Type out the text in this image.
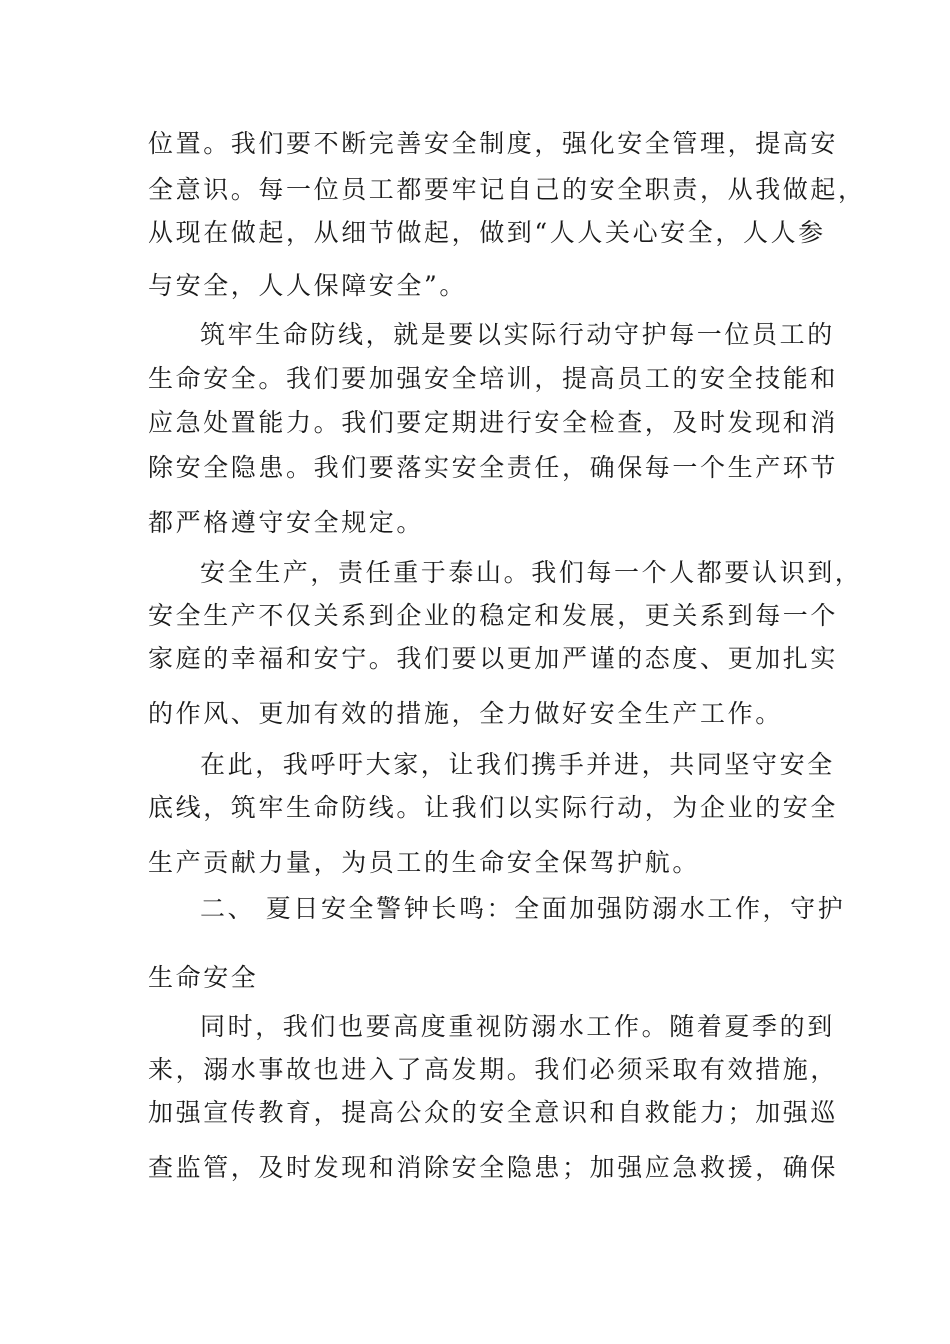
位置。我们要不断完善安全制度，强化安全管理，提高安
全意识。每一位员工都要牢记自己的安全职责，从我做起，
从现在做起，从细节做起，做到“人人关心安全，人人参
与安全，人人保障安全”。
筑牢生命防线，就是要以实际行动守护每一位员工的
生命安全。我们要加强安全培训，提高员工的安全技能和
应急处置能力。我们要定期进行安全检查，及时发现和消
除安全隐患。我们要落实安全责任，确保每一个生产环节
都严格遵守安全规定。
安全生产，责任重于泰山。我们每一个人都要认识到，
安全生产不仅关系到企业的稳定和发展，更关系到每一个
家庭的幸福和安宁。我们要以更加严谨的态度、更加扎实
的作风、更加有效的措施，全力做好安全生产工作。
在此，我呼吁大家，让我们携手并进，共同坚守安全
底线，筑牢生命防线。让我们以实际行动，为企业的安全
生产贡献力量，为员工的生命安全保驾护航。
二、 夏日安全警钟长鸣：全面加强防溺水工作，守护
生命安全
同时，我们也要高度重视防溺水工作。随着夏季的到
来，溺水事故也进入了高发期。我们必须采取有效措施，
加强宣传教育，提高公众的安全意识和自救能力；加强巡
查监管，及时发现和消除安全隐患；加强应急救援，确保
